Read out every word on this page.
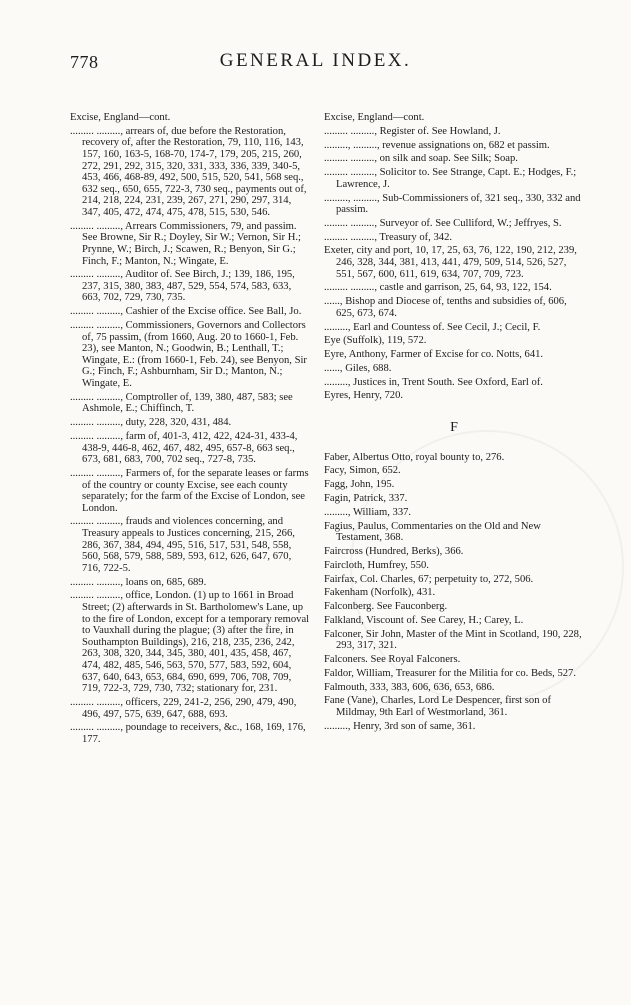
778	GENERAL INDEX.
Excise, England—cont.
......... ........., arrears of, due before the Restoration, recovery of, after the Restoration, 79, 110, 116, 143, 157, 160, 163-5, 168-70, 174-7, 179, 205, 215, 260, 272, 291, 292, 315, 320, 331, 333, 336, 339, 340-5, 453, 466, 468-89, 492, 500, 515, 520, 541, 568 seq., 632 seq., 650, 655, 722-3, 730 seq., payments out of, 214, 218, 224, 231, 239, 267, 271, 290, 297, 314, 347, 405, 472, 474, 475, 478, 515, 530, 546.
......... ........., Arrears Commissioners, 79, and passim. See Browne, Sir R.; Doyley, Sir W.; Vernon, Sir H.; Prynne, W.; Birch, J.; Scawen, R.; Benyon, Sir G.; Finch, F.; Manton, N.; Wingate, E.
......... ........., Auditor of. See Birch, J.; 139, 186, 195, 237, 315, 380, 383, 487, 529, 554, 574, 583, 633, 663, 702, 729, 730, 735.
......... ........., Cashier of the Excise office. See Ball, Jo.
......... ........., Commissioners, Governors and Collectors of, 75 passim, (from 1660, Aug. 20 to 1660-1, Feb. 23), see Manton, N.; Goodwin, B.; Lenthall, T.; Wingate, E.: (from 1660-1, Feb. 24), see Benyon, Sir G.; Finch, F.; Ashburnham, Sir D.; Manton, N.; Wingate, E.
......... ........., Comptroller of, 139, 380, 487, 583; see Ashmole, E.; Chiffinch, T.
......... ........., duty, 228, 320, 431, 484.
......... ........., farm of, 401-3, 412, 422, 424-31, 433-4, 438-9, 446-8, 462, 467, 482, 495, 657-8, 663 seq., 673, 681, 683, 700, 702 seq., 727-8, 735.
......... ........., Farmers of, for the separate leases or farms of the country or county Excise, see each county separately; for the farm of the Excise of London, see London.
......... ........., frauds and violences concerning, and Treasury appeals to Justices concerning, 215, 266, 286, 367, 384, 494, 495, 516, 517, 531, 548, 558, 560, 568, 579, 588, 589, 593, 612, 626, 647, 670, 716, 722-5.
......... ........., loans on, 685, 689.
......... ........., office, London. (1) up to 1661 in Broad Street; (2) afterwards in St. Bartholomew's Lane, up to the fire of London, except for a temporary removal to Vauxhall during the plague; (3) after the fire, in Southampton Buildings), 216, 218, 235, 236, 242, 263, 308, 320, 344, 345, 380, 401, 435, 458, 467, 474, 482, 485, 546, 563, 570, 577, 583, 592, 604, 637, 640, 643, 653, 684, 690, 699, 706, 708, 709, 719, 722-3, 729, 730, 732; stationary for, 231.
......... ........., officers, 229, 241-2, 256, 290, 479, 490, 496, 497, 575, 639, 647, 688, 693.
......... ........., poundage to receivers, &c., 168, 169, 176, 177.
Excise, England—cont.
......... ........., Register of. See Howland, J.
........., ........., revenue assignations on, 682 et passim.
......... ........., on silk and soap. See Silk; Soap.
......... ........., Solicitor to. See Strange, Capt. E.; Hodges, F.; Lawrence, J.
........., ........., Sub-Commissioners of, 321 seq., 330, 332 and passim.
......... ........., Surveyor of. See Culliford, W.; Jeffryes, S.
......... ........., Treasury of, 342.
Exeter, city and port, 10, 17, 25, 63, 76, 122, 190, 212, 239, 246, 328, 344, 381, 413, 441, 479, 509, 514, 526, 527, 551, 567, 600, 611, 619, 634, 707, 709, 723.
......... ........., castle and garrison, 25, 64, 93, 122, 154.
......, Bishop and Diocese of, tenths and subsidies of, 606, 625, 673, 674.
........., Earl and Countess of. See Cecil, J.; Cecil, F.
Eye (Suffolk), 119, 572.
Eyre, Anthony, Farmer of Excise for co. Notts, 641.
......, Giles, 688.
........., Justices in, Trent South. See Oxford, Earl of.
Eyres, Henry, 720.
F
Faber, Albertus Otto, royal bounty to, 276.
Facy, Simon, 652.
Fagg, John, 195.
Fagin, Patrick, 337.
........., William, 337.
Fagius, Paulus, Commentaries on the Old and New Testament, 368.
Faircross (Hundred, Berks), 366.
Faircloth, Humfrey, 550.
Fairfax, Col. Charles, 67; perpetuity to, 272, 506.
Fakenham (Norfolk), 431.
Falconberg. See Fauconberg.
Falkland, Viscount of. See Carey, H.; Carey, L.
Falconer, Sir John, Master of the Mint in Scotland, 190, 228, 293, 317, 321.
Falconers. See Royal Falconers.
Faldor, William, Treasurer for the Militia for co. Beds, 527.
Falmouth, 333, 383, 606, 636, 653, 686.
Fane (Vane), Charles, Lord Le Despencer, first son of Mildmay, 9th Earl of Westmorland, 361.
........., Henry, 3rd son of same, 361.
